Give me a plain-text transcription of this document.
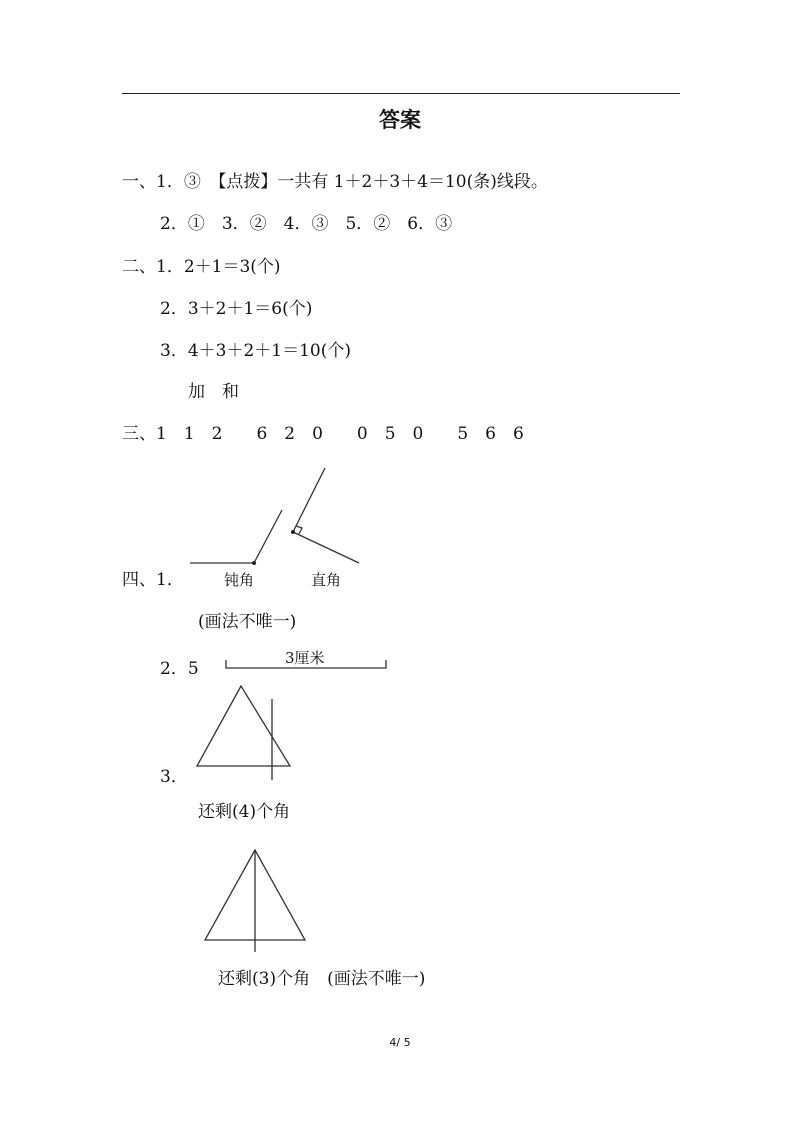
答案
一、1．③　【点拨】一共有 1＋2＋3＋4＝10(条)线段。
2．①　3．②　4．③　5．②　6．③
二、1．2＋1＝3(个)
2．3＋2＋1＝6(个)
3．4＋3＋2＋1＝10(个)
加　和
三、1　1　2　　6　2　0　　0　5　0　　5　6　6
四、1．	钝角	直角
(画法不唯一)
2．5
3厘米
3．
还剩(4)个角
还剩(3)个角　(画法不唯一)
4/ 5
